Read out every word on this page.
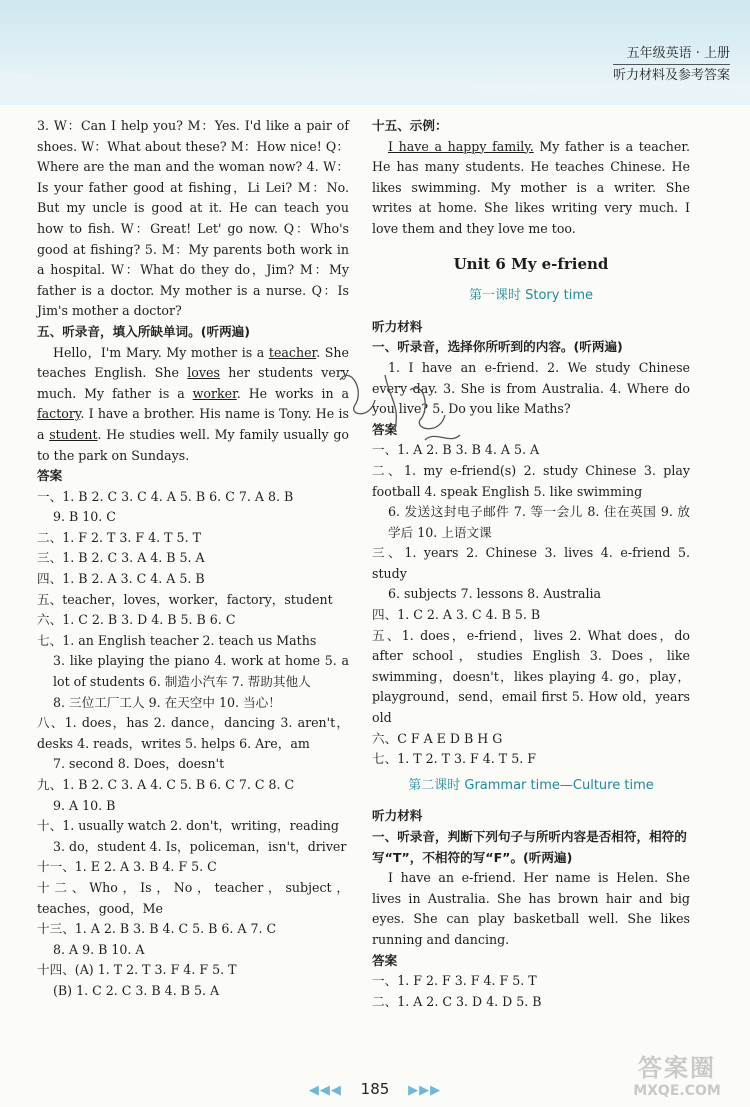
五年级英语 · 上册
听力材料及参考答案

3. W：Can I help you? M：Yes. I'd like a pair of shoes. W：What about these? M：How nice! Q：Where are the man and the woman now? 4. W：Is your father good at fishing，Li Lei? M：No. But my uncle is good at it. He can teach you how to fish. W：Great! Let' go now. Q：Who's good at fishing? 5. M：My parents both work in a hospital. W：What do they do，Jim? M：My father is a doctor. My mother is a nurse. Q：Is Jim's mother a doctor?

五、听录音，填入所缺单词。(听两遍)

Hello，I'm Mary. My mother is a teacher. She teaches English. She loves her students very much. My father is a worker. He works in a factory. I have a brother. His name is Tony. He is a student. He studies well. My family usually go to the park on Sundays.

答案

一、1. B 2. C 3. C 4. A 5. B 6. C 7. A 8. B

9. B 10. C

二、1. F 2. T 3. F 4. T 5. T

三、1. B 2. C 3. A 4. B 5. A

四、1. B 2. A 3. C 4. A 5. B

五、teacher，loves，worker，factory，student

六、1. C 2. B 3. D 4. B 5. B 6. C

七、1. an English teacher 2. teach us Maths

3. like playing the piano 4. work at home 5. a lot of students 6. 制造小汽车 7. 帮助其他人

8. 三位工厂工人 9. 在天空中 10. 当心！

八、1. does，has 2. dance，dancing 3. aren't，desks 4. reads，writes 5. helps 6. Are，am

7. second 8. Does，doesn't

九、1. B 2. C 3. A 4. C 5. B 6. C 7. C 8. C

9. A 10. B

十、1. usually watch 2. don't，writing，reading

3. do，student 4. Is，policeman，isn't，driver

十一、1. E 2. A 3. B 4. F 5. C

十二、Who，Is，No，teacher，subject，teaches，good，Me

十三、1. A 2. B 3. B 4. C 5. B 6. A 7. C

8. A 9. B 10. A

十四、(A) 1. T 2. T 3. F 4. F 5. T

(B) 1. C 2. C 3. B 4. B 5. A

十五、示例：

I have a happy family. My father is a teacher. He has many students. He teaches Chinese. He likes swimming. My mother is a writer. She writes at home. She likes writing very much. I love them and they love me too.

Unit 6 My e-friend
第一课时 Story time
听力材料
一、听录音，选择你所听到的内容。(听两遍)

1. I have an e-friend. 2. We study Chinese every day. 3. She is from Australia. 4. Where do you live? 5. Do you like Maths?

答案

一、1. A 2. B 3. B 4. A 5. A

二、1. my e-friend(s) 2. study Chinese 3. play football 4. speak English 5. like swimming

6. 发送这封电子邮件 7. 等一会儿 8. 住在英国 9. 放学后 10. 上语文课

三、1. years 2. Chinese 3. lives 4. e-friend 5. study

6. subjects 7. lessons 8. Australia

四、1. C 2. A 3. C 4. B 5. B

五、1. does，e-friend，lives 2. What does，do after school，studies English 3. Does，like swimming，doesn't，likes playing 4. go，play，playground，send，email first 5. How old，years old

六、C F A E D B H G

七、1. T 2. T 3. F 4. T 5. F

第二课时 Grammar time—Culture time
听力材料
一、听录音，判断下列句子与所听内容是否相符，相符的写“T”，不相符的写“F”。(听两遍)

I have an e-friend. Her name is Helen. She lives in Australia. She has brown hair and big eyes. She can play basketball well. She likes running and dancing.

答案

一、1. F 2. F 3. F 4. F 5. T

二、1. A 2. C 3. D 4. D 5. B

◀◀◀ 185 ▶▶▶
答案圈
MXQE.COM
